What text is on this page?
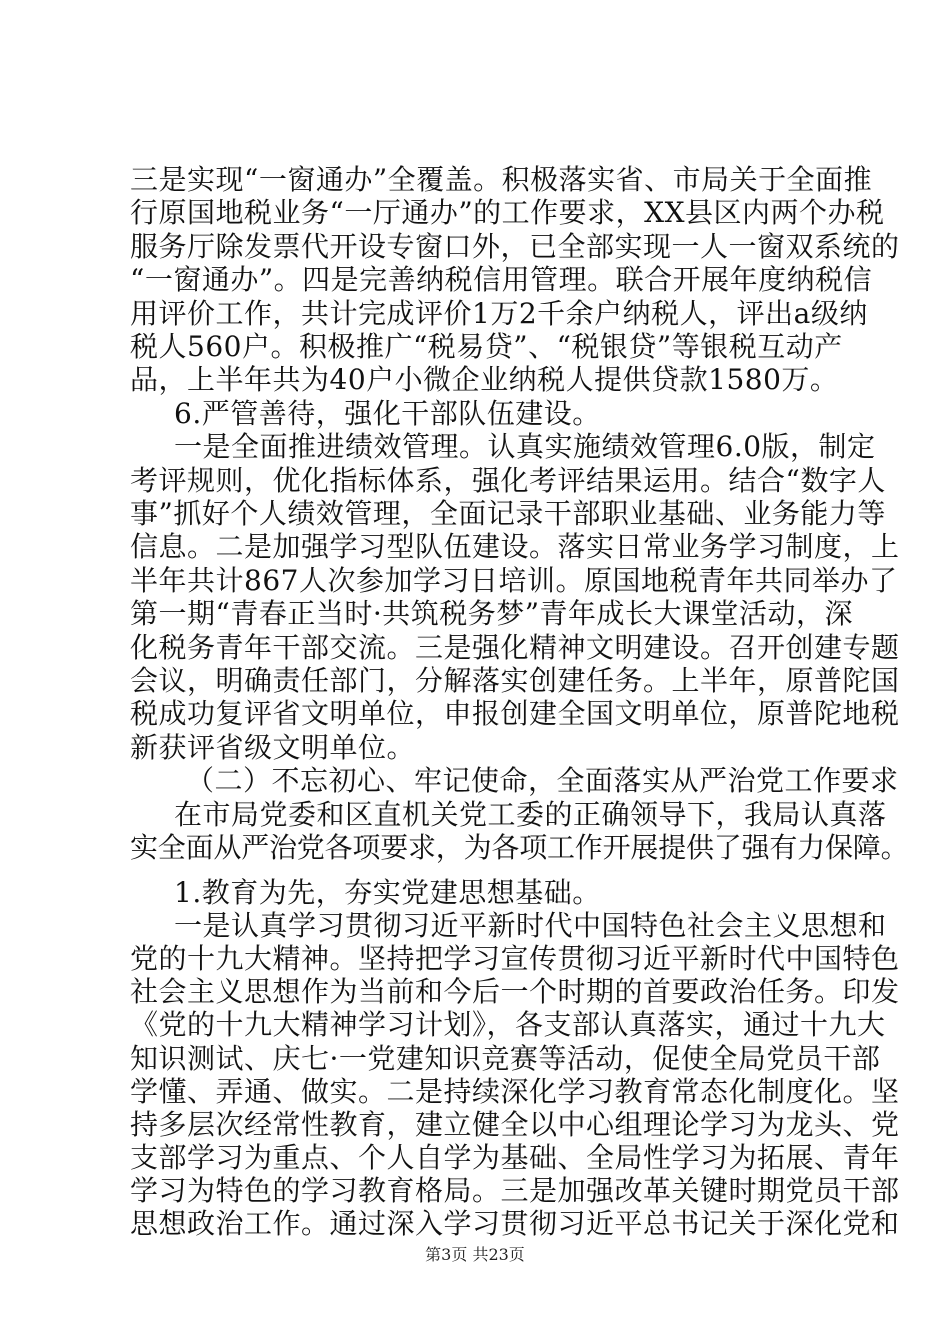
三是实现“一窗通办”全覆盖。积极落实省、市局关于全面推
行原国地税业务“一厅通办”的工作要求，XX县区内两个办税
服务厅除发票代开设专窗口外，已全部实现一人一窗双系统的
“一窗通办”。四是完善纳税信用管理。联合开展年度纳税信
用评价工作，共计完成评价1万2千余户纳税人，评出a级纳
税人560户。积极推广“税易贷”、“税银贷”等银税互动产
品，上半年共为40户小微企业纳税人提供贷款1580万。
6.严管善待，强化干部队伍建设。
一是全面推进绩效管理。认真实施绩效管理6.0版，制定
考评规则，优化指标体系，强化考评结果运用。结合“数字人
事”抓好个人绩效管理，全面记录干部职业基础、业务能力等
信息。二是加强学习型队伍建设。落实日常业务学习制度，上
半年共计867人次参加学习日培训。原国地税青年共同举办了
第一期“青春正当时·共筑税务梦”青年成长大课堂活动，深
化税务青年干部交流。三是强化精神文明建设。召开创建专题
会议，明确责任部门，分解落实创建任务。上半年，原普陀国
税成功复评省文明单位，申报创建全国文明单位，原普陀地税
新获评省级文明单位。
（二）不忘初心、牢记使命，全面落实从严治党工作要求
在市局党委和区直机关党工委的正确领导下，我局认真落
实全面从严治党各项要求，为各项工作开展提供了强有力保障。
1.教育为先，夯实党建思想基础。
一是认真学习贯彻习近平新时代中国特色社会主义思想和
党的十九大精神。坚持把学习宣传贯彻习近平新时代中国特色
社会主义思想作为当前和今后一个时期的首要政治任务。印发
《党的十九大精神学习计划》，各支部认真落实，通过十九大
知识测试、庆七·一党建知识竞赛等活动，促使全局党员干部
学懂、弄通、做实。二是持续深化学习教育常态化制度化。坚
持多层次经常性教育，建立健全以中心组理论学习为龙头、党
支部学习为重点、个人自学为基础、全局性学习为拓展、青年
学习为特色的学习教育格局。三是加强改革关键时期党员干部
思想政治工作。通过深入学习贯彻习近平总书记关于深化党和
第3页 共23页
